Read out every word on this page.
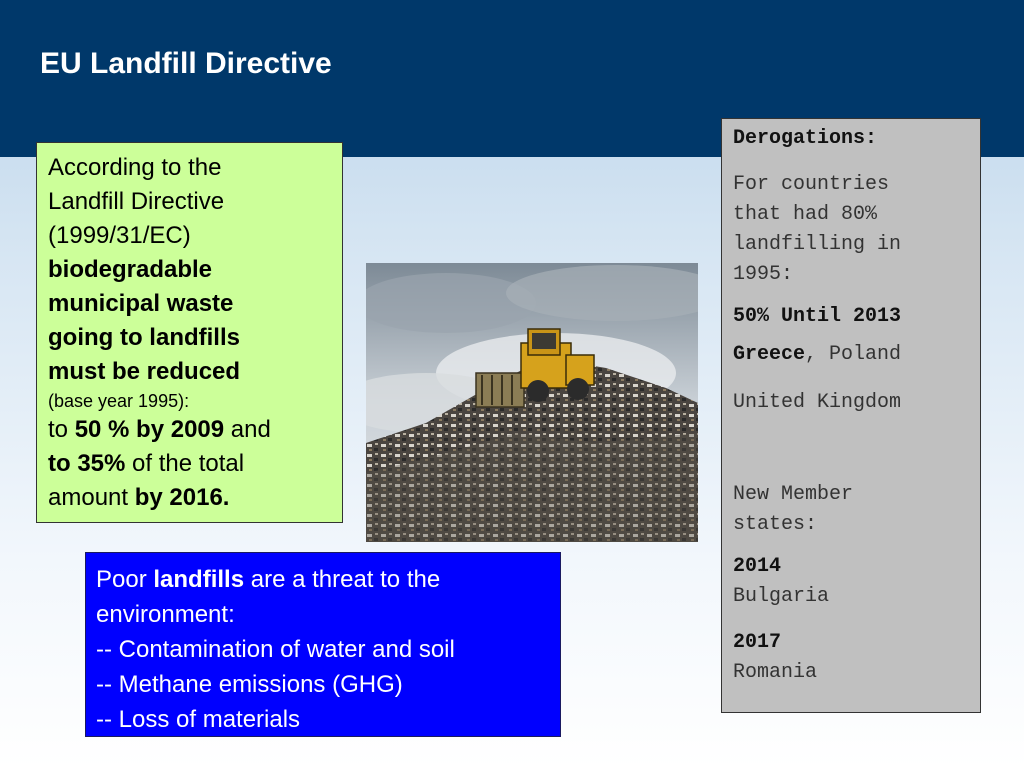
EU Landfill Directive
According to the
Landfill Directive
(1999/31/EC)
biodegradable
municipal waste
going to landfills
must be reduced
(base year 1995):
to 50 % by 2009 and
to 35% of the total
amount by 2016.
Poor landfills are a threat to the
environment:
-- Contamination of water and soil
-- Methane emissions (GHG)
-- Loss of materials

Derogations:

For countries
that had 80%
landfilling in
1995:

50% Until 2013

Greece, Poland

United Kingdom

New Member
states:

2014
Bulgaria

2017
Romania
